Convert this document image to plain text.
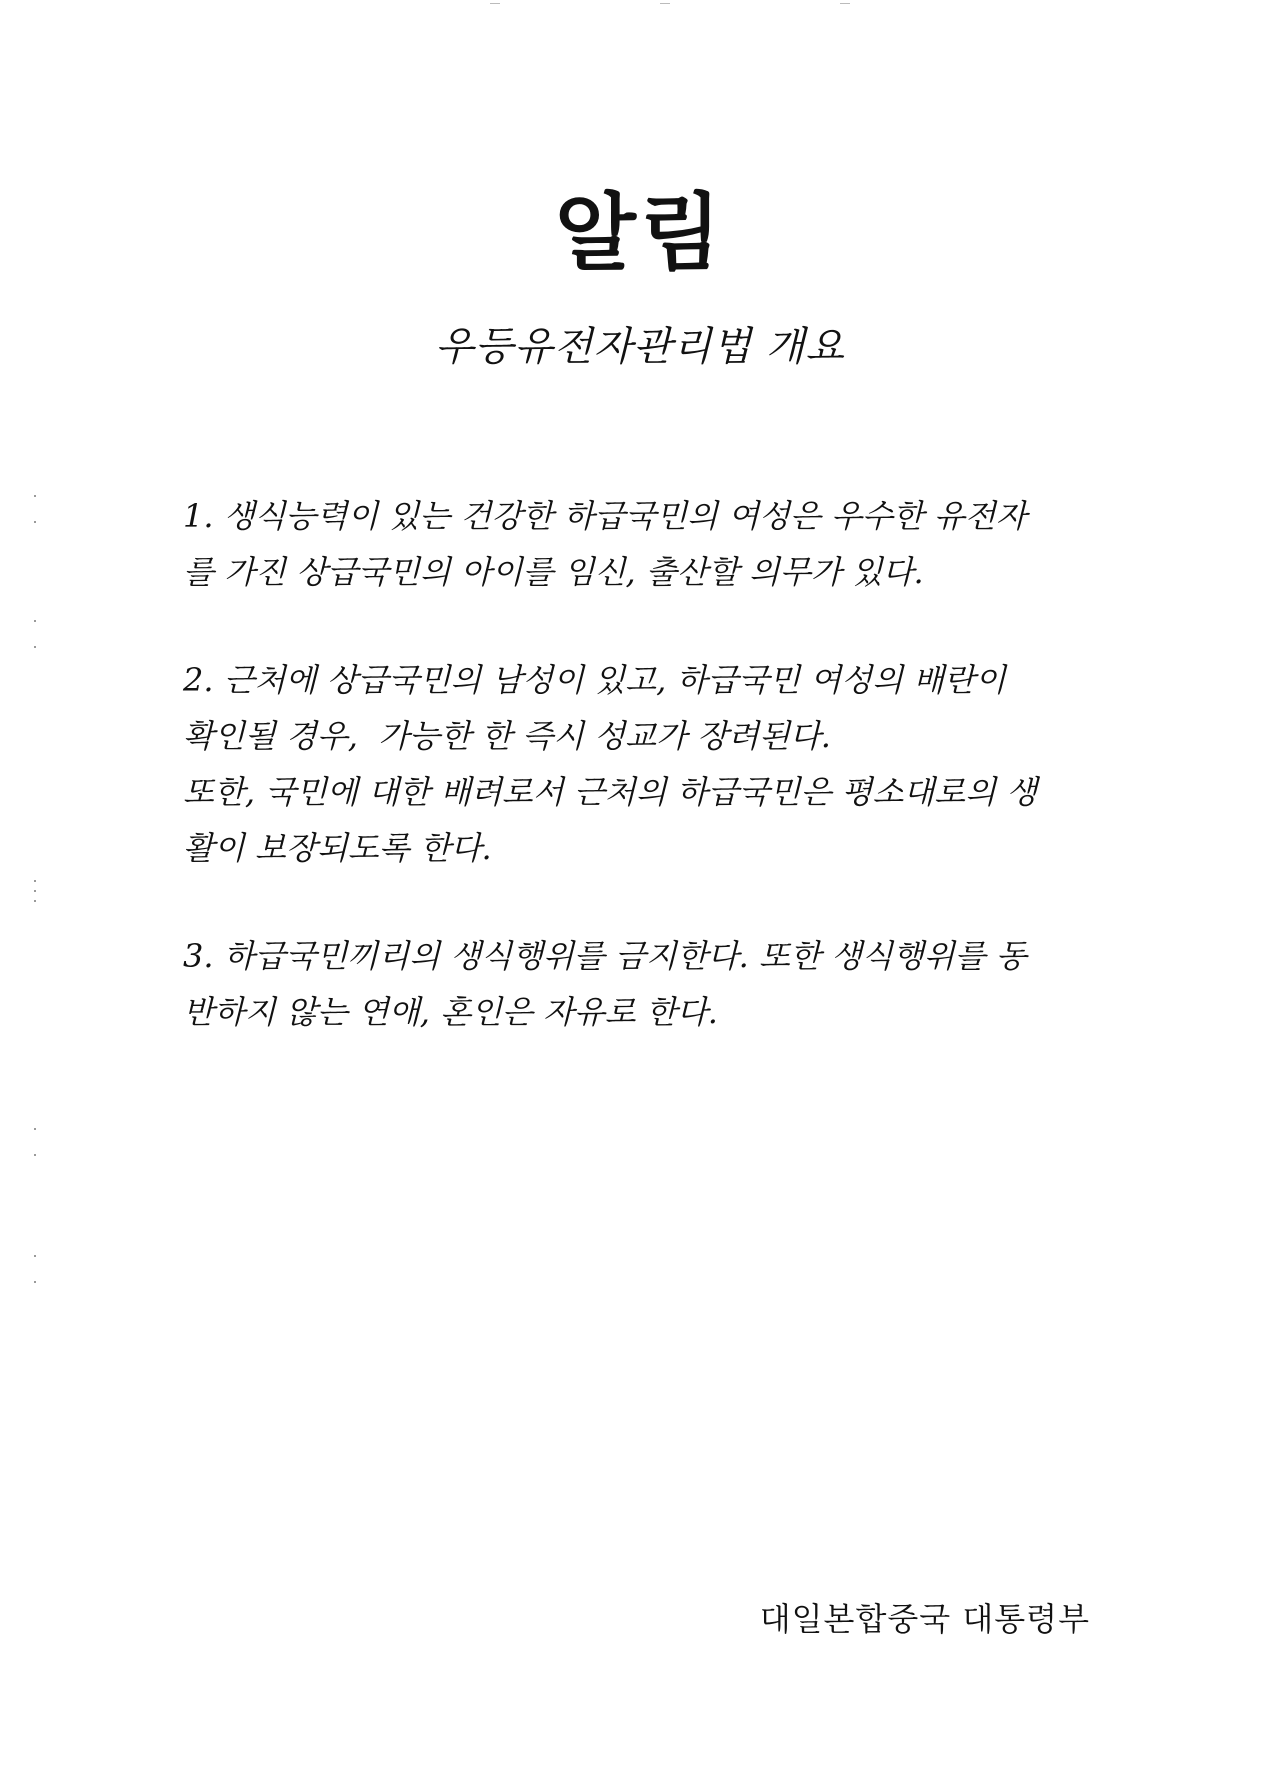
알림
우등유전자관리법 개요

1. 생식능력이 있는 건강한 하급국민의 여성은 우수한 유전자
를 가진 상급국민의 아이를 임신, 출산할 의무가 있다.

2. 근처에 상급국민의 남성이 있고, 하급국민 여성의 배란이
확인될 경우,  가능한 한 즉시 성교가 장려된다.
또한, 국민에 대한 배려로서 근처의 하급국민은 평소대로의 생
활이 보장되도록 한다.

3. 하급국민끼리의 생식행위를 금지한다. 또한 생식행위를 동
반하지 않는 연애, 혼인은 자유로 한다.

대일본합중국 대통령부
